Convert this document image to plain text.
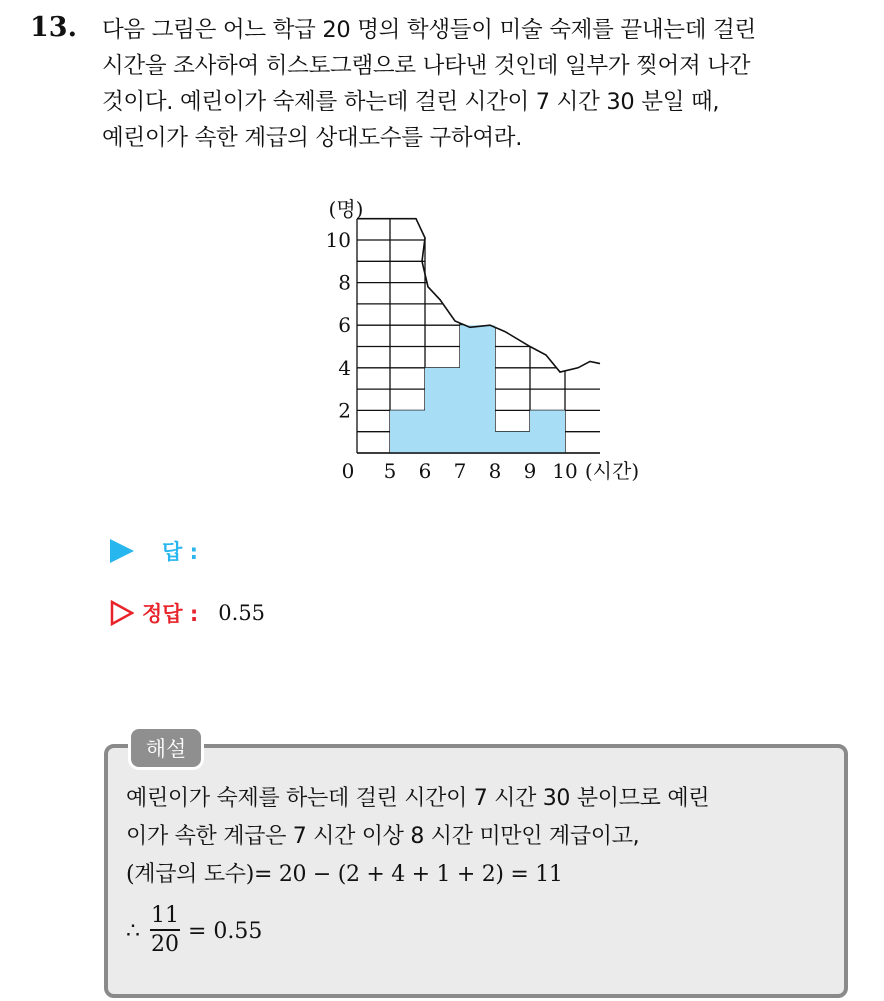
13. 다음 그림은 어느 학급 20 명의 학생들이 미술 숙제를 끝내는데 걸린
시간을 조사하여 히스토그램으로 나타낸 것인데 일부가 찢어져 나간
것이다. 예린이가 숙제를 하는데 걸린 시간이 7 시간 30 분일 때,
예린이가 속한 계급의 상대도수를 구하여라.
2
4
6
8
10
5 6 7 8 9 10
0
(명)
(시간)
답 :
정답 : 0.55
해설
예린이가 숙제를 하는데 걸린 시간이 7 시간 30 분이므로 예린
이가 속한 계급은 7 시간 이상 8 시간 미만인 계급이고,
(계급의 도수)= 20 − (2 + 4 + 1 + 2) = 11
∴ $\frac{11}{20} = 0.55$
